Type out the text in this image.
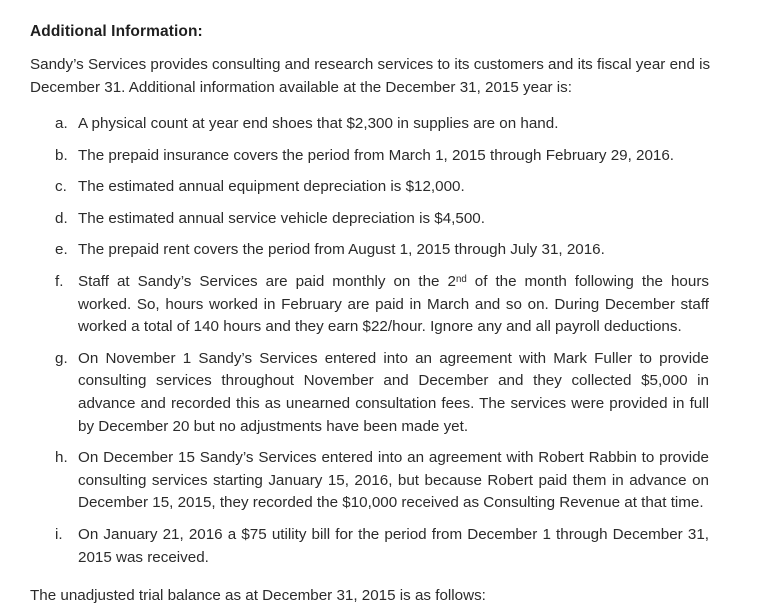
Additional Information:

Sandy’s Services provides consulting and research services to its customers and its fiscal year end is December 31. Additional information available at the December 31, 2015 year is:

a. A physical count at year end shoes that $2,300 in supplies are on hand.
b. The prepaid insurance covers the period from March 1, 2015 through February 29, 2016.
c. The estimated annual equipment depreciation is $12,000.
d. The estimated annual service vehicle depreciation is $4,500.
e. The prepaid rent covers the period from August 1, 2015 through July 31, 2016.
f. Staff at Sandy’s Services are paid monthly on the 2nd of the month following the hours worked. So, hours worked in February are paid in March and so on. During December staff worked a total of 140 hours and they earn $22/hour. Ignore any and all payroll deductions.
g. On November 1 Sandy’s Services entered into an agreement with Mark Fuller to provide consulting services throughout November and December and they collected $5,000 in advance and recorded this as unearned consultation fees. The services were provided in full by December 20 but no adjustments have been made yet.
h. On December 15 Sandy’s Services entered into an agreement with Robert Rabbin to provide consulting services starting January 15, 2016, but because Robert paid them in advance on December 15, 2015, they recorded the $10,000 received as Consulting Revenue at that time.
i.	On January 21, 2016 a $75 utility bill for the period from December 1 through December 31, 2015 was received.

The unadjusted trial balance as at December 31, 2015 is as follows:
